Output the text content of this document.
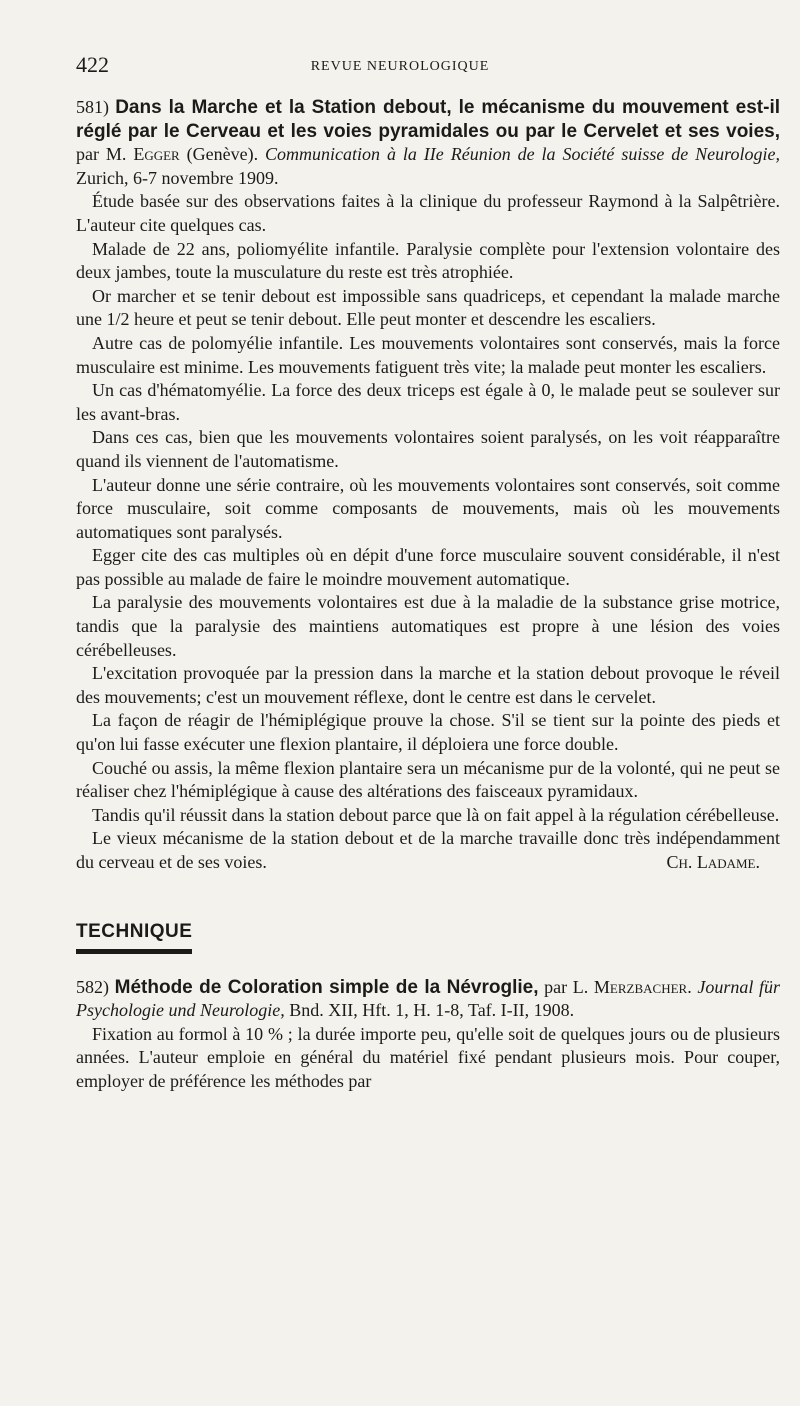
422	REVUE NEUROLOGIQUE

581) Dans la Marche et la Station debout, le mécanisme du mouvement est-il réglé par le Cerveau et les voies pyramidales ou par le Cervelet et ses voies, par M. Egger (Genève). Communication à la IIe Réunion de la Société suisse de Neurologie, Zurich, 6-7 novembre 1909.

Étude basée sur des observations faites à la clinique du professeur Raymond à la Salpêtrière. L'auteur cite quelques cas.

Malade de 22 ans, poliomyélite infantile. Paralysie complète pour l'extension volontaire des deux jambes, toute la musculature du reste est très atrophiée.

Or marcher et se tenir debout est impossible sans quadriceps, et cependant la malade marche une 1/2 heure et peut se tenir debout. Elle peut monter et descendre les escaliers.

Autre cas de polomyélie infantile. Les mouvements volontaires sont conservés, mais la force musculaire est minime. Les mouvements fatiguent très vite; la malade peut monter les escaliers.

Un cas d'hématomyélie. La force des deux triceps est égale à 0, le malade peut se soulever sur les avant-bras.

Dans ces cas, bien que les mouvements volontaires soient paralysés, on les voit réapparaître quand ils viennent de l'automatisme.

L'auteur donne une série contraire, où les mouvements volontaires sont conservés, soit comme force musculaire, soit comme composants de mouvements, mais où les mouvements automatiques sont paralysés.

Egger cite des cas multiples où en dépit d'une force musculaire souvent considérable, il n'est pas possible au malade de faire le moindre mouvement automatique.

La paralysie des mouvements volontaires est due à la maladie de la substance grise motrice, tandis que la paralysie des maintiens automatiques est propre à une lésion des voies cérébelleuses.

L'excitation provoquée par la pression dans la marche et la station debout provoque le réveil des mouvements; c'est un mouvement réflexe, dont le centre est dans le cervelet.

La façon de réagir de l'hémiplégique prouve la chose. S'il se tient sur la pointe des pieds et qu'on lui fasse exécuter une flexion plantaire, il déploiera une force double.

Couché ou assis, la même flexion plantaire sera un mécanisme pur de la volonté, qui ne peut se réaliser chez l'hémiplégique à cause des altérations des faisceaux pyramidaux.

Tandis qu'il réussit dans la station debout parce que là on fait appel à la régulation cérébelleuse.

Le vieux mécanisme de la station debout et de la marche travaille donc très indépendamment du cerveau et de ses voies.	Ch. Ladame.

TECHNIQUE

582) Méthode de Coloration simple de la Névroglie, par L. Merzbacher. Journal für Psychologie und Neurologie, Bnd. XII, Hft. 1, H. 1-8, Taf. I-II, 1908.

Fixation au formol à 10 % ; la durée importe peu, qu'elle soit de quelques jours ou de plusieurs années. L'auteur emploie en général du matériel fixé pendant plusieurs mois. Pour couper, employer de préférence les méthodes par
